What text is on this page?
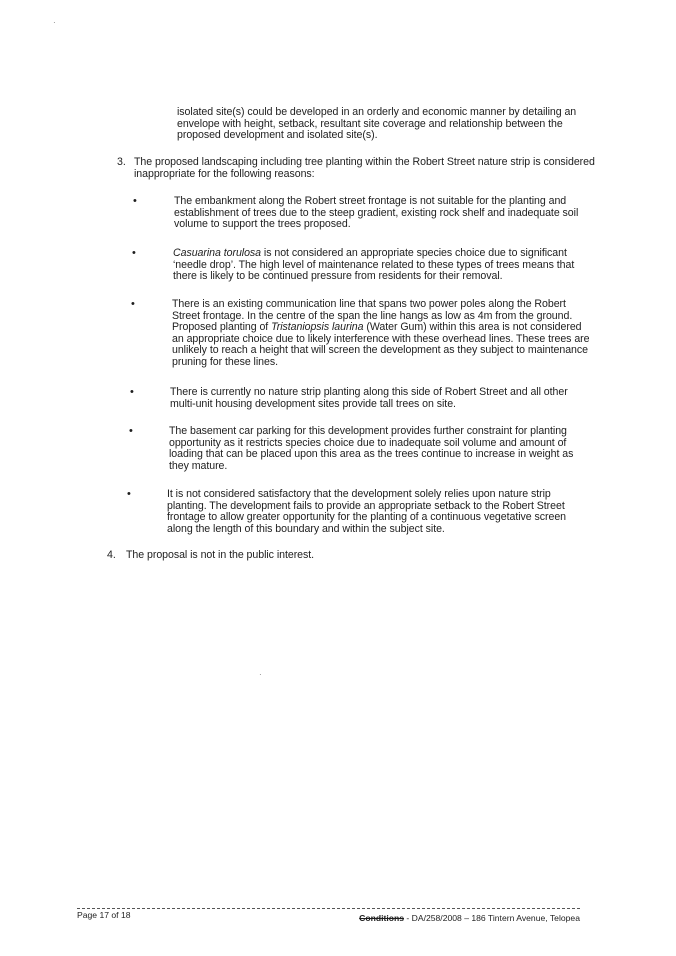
·
isolated site(s) could be developed in an orderly and economic manner by detailing an envelope with height, setback, resultant site coverage and relationship between the proposed development and isolated site(s).
3. The proposed landscaping including tree planting within the Robert Street nature strip is considered inappropriate for the following reasons:
•	The embankment along the Robert street frontage is not suitable for the planting and establishment of trees due to the steep gradient, existing rock shelf and inadequate soil volume to support the trees proposed.
•	Casuarina torulosa is not considered an appropriate species choice due to significant ‘needle drop’. The high level of maintenance related to these types of trees means that there is likely to be continued pressure from residents for their removal.
•	There is an existing communication line that spans two power poles along the Robert Street frontage. In the centre of the span the line hangs as low as 4m from the ground. Proposed planting of Tristaniopsis laurina (Water Gum) within this area is not considered an appropriate choice due to likely interference with these overhead lines. These trees are unlikely to reach a height that will screen the development as they subject to maintenance pruning for these lines.
•	There is currently no nature strip planting along this side of Robert Street and all other multi-unit housing development sites provide tall trees on site.
•	The basement car parking for this development provides further constraint for planting opportunity as it restricts species choice due to inadequate soil volume and amount of loading that can be placed upon this area as the trees continue to increase in weight as they mature.
•	It is not considered satisfactory that the development solely relies upon nature strip planting. The development fails to provide an appropriate setback to the Robert Street frontage to allow greater opportunity for the planting of a continuous vegetative screen along the length of this boundary and within the subject site.
4. The proposal is not in the public interest.
·
Page 17 of 18	Conditions - DA/258/2008 – 186 Tintern Avenue, Telopea
